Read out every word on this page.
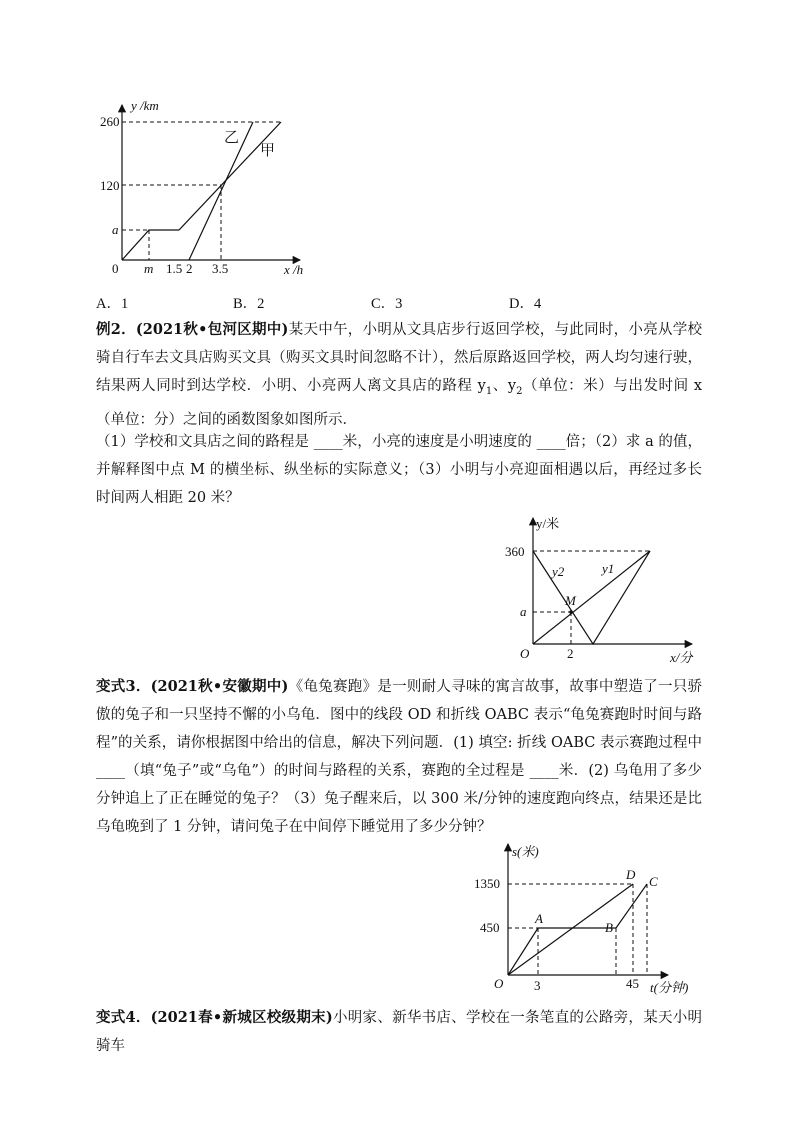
y /km
x /h
0
260
120
a
m 1.5 2 3.5
乙
甲
A．1	B．2	C．3	D．4

例2．(2021秋•包河区期中)某天中午，小明从文具店步行返回学校，与此同时，小亮从学校骑自行车去文具店购买文具（购买文具时间忽略不计），然后原路返回学校，两人均匀速行驶，结果两人同时到达学校．小明、小亮两人离文具店的路程 $y_1$、$y_2$（单位：米）与出发时间 x（单位：分）之间的函数图象如图所示．

（1）学校和文具店之间的路程是 ____米，小亮的速度是小明速度的 ____倍；（2）求 a 的值，并解释图中点 M 的横坐标、纵坐标的实际意义；（3）小明与小亮迎面相遇以后，再经过多长时间两人相距 20 米？

y/米
x/分
O
360
a
2
M
y2	y1

变式3．(2021秋•安徽期中)《龟兔赛跑》是一则耐人寻味的寓言故事，故事中塑造了一只骄傲的兔子和一只坚持不懈的小乌龟．图中的线段 OD 和折线 OABC 表示“龟兔赛跑时时间与路程”的关系，请你根据图中给出的信息，解决下列问题．(1) 填空: 折线 OABC 表示赛跑过程中 ____（填“兔子”或“乌龟”）的时间与路程的关系，赛跑的全过程是 ____米．(2) 乌龟用了多少分钟追上了正在睡觉的兔子？（3）兔子醒来后，以 300 米/分钟的速度跑向终点，结果还是比乌龟晚到了 1 分钟，请问兔子在中间停下睡觉用了多少分钟？

s(米)
t(分钟)
O
1350
450
3	45
A
B
D C

变式4．(2021春•新城区校级期末)小明家、新华书店、学校在一条笔直的公路旁，某天小明骑车
